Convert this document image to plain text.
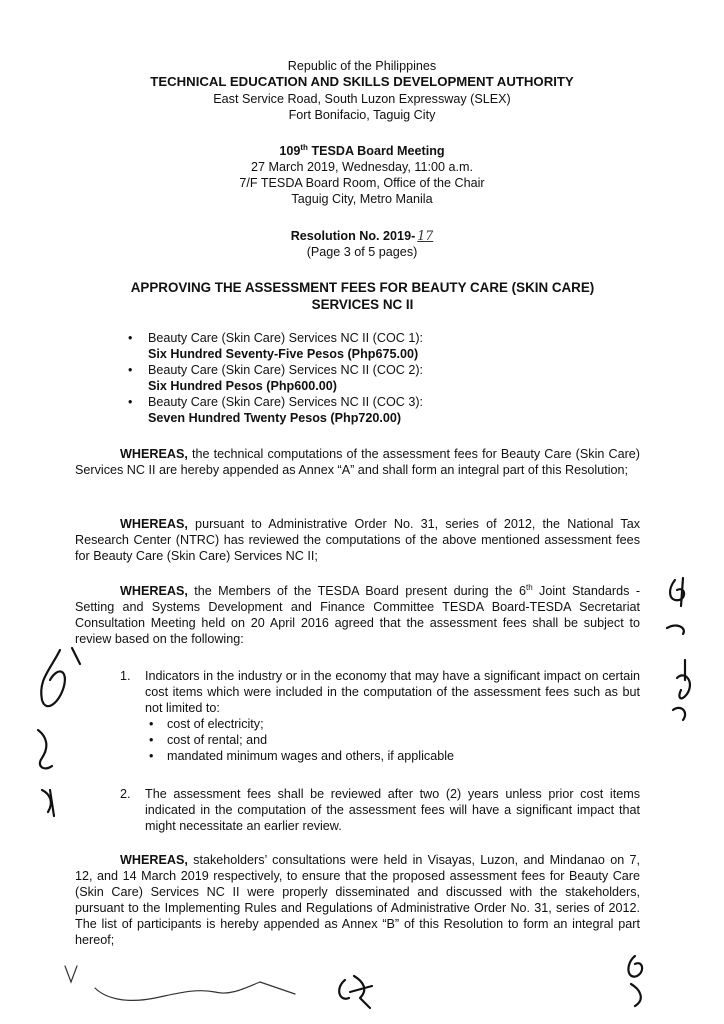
Republic of the Philippines
TECHNICAL EDUCATION AND SKILLS DEVELOPMENT AUTHORITY
East Service Road, South Luzon Expressway (SLEX)
Fort Bonifacio, Taguig City
109th TESDA Board Meeting
27 March 2019, Wednesday, 11:00 a.m.
7/F TESDA Board Room, Office of the Chair
Taguig City, Metro Manila
Resolution No. 2019- 17
(Page 3 of 5 pages)
APPROVING THE ASSESSMENT FEES FOR BEAUTY CARE (SKIN CARE)
SERVICES NC II
• Beauty Care (Skin Care) Services NC II (COC 1):
Six Hundred Seventy-Five Pesos (Php675.00)
• Beauty Care (Skin Care) Services NC II (COC 2):
Six Hundred Pesos (Php600.00)
• Beauty Care (Skin Care) Services NC II (COC 3):
Seven Hundred Twenty Pesos (Php720.00)

WHEREAS, the technical computations of the assessment fees for Beauty Care (Skin Care) Services NC II are hereby appended as Annex “A” and shall form an integral part of this Resolution;

WHEREAS, pursuant to Administrative Order No. 31, series of 2012, the National Tax Research Center (NTRC) has reviewed the computations of the above mentioned assessment fees for Beauty Care (Skin Care) Services NC II;

WHEREAS, the Members of the TESDA Board present during the 6th Joint Standards - Setting and Systems Development and Finance Committee TESDA Board-TESDA Secretariat Consultation Meeting held on 20 April 2016 agreed that the assessment fees shall be subject to review based on the following:

1. Indicators in the industry or in the economy that may have a significant impact on certain cost items which were included in the computation of the assessment fees such as but not limited to:
• cost of electricity;
• cost of rental; and
• mandated minimum wages and others, if applicable
2. The assessment fees shall be reviewed after two (2) years unless prior cost items indicated in the computation of the assessment fees will have a significant impact that might necessitate an earlier review.

WHEREAS, stakeholders’ consultations were held in Visayas, Luzon, and Mindanao on 7, 12, and 14 March 2019 respectively, to ensure that the proposed assessment fees for Beauty Care (Skin Care) Services NC II were properly disseminated and discussed with the stakeholders, pursuant to the Implementing Rules and Regulations of Administrative Order No. 31, series of 2012. The list of participants is hereby appended as Annex “B” of this Resolution to form an integral part hereof;
